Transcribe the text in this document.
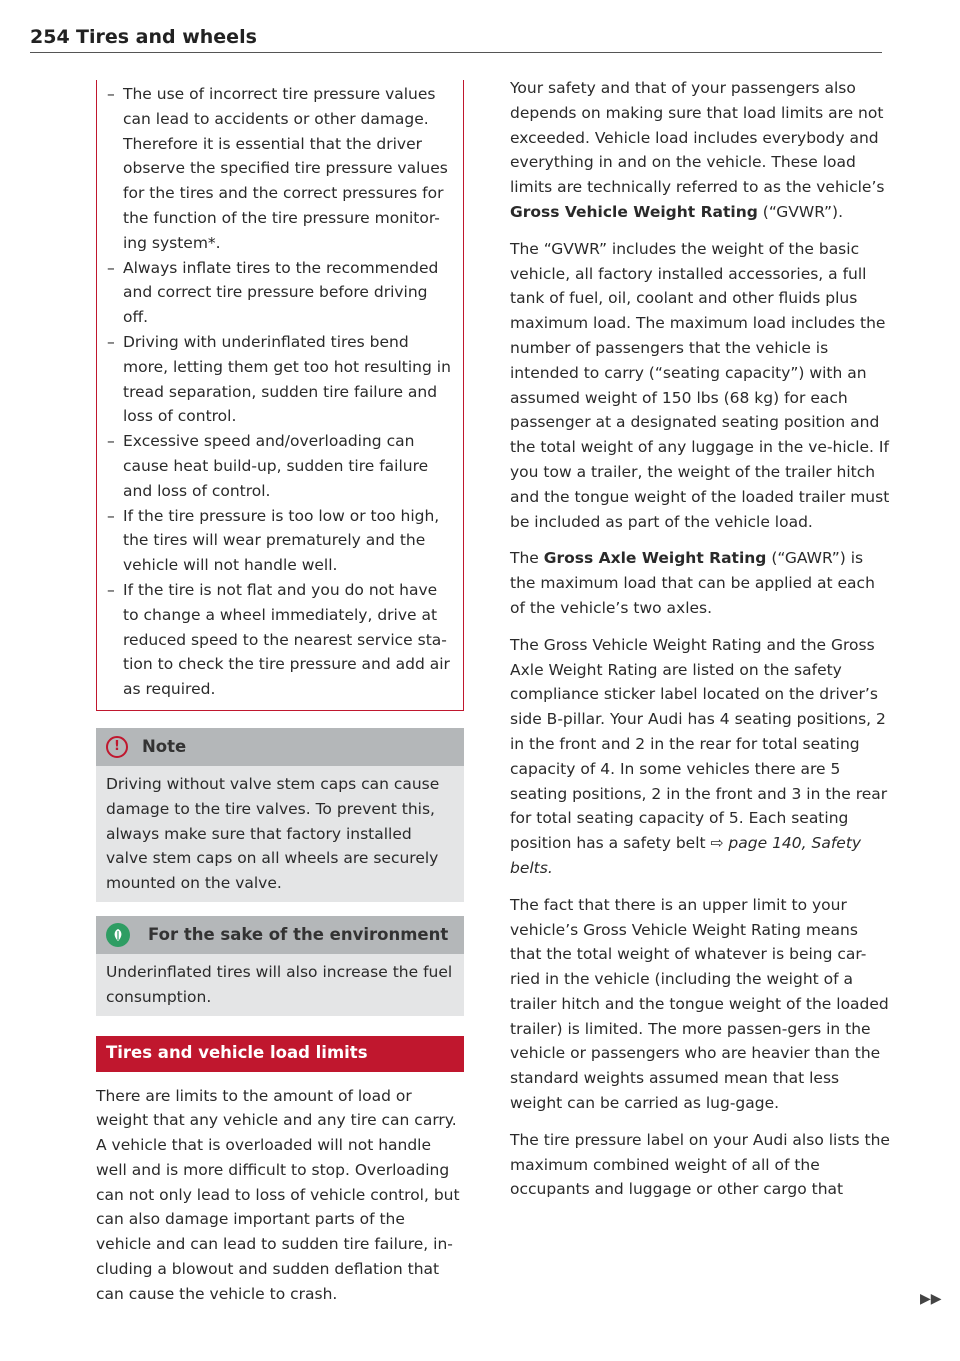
254 Tires and wheels
– The use of incorrect tire pressure values can lead to accidents or other damage. Therefore it is essential that the driver observe the specified tire pressure values for the tires and the correct pressures for the function of the tire pressure monitor-ing system*.
– Always inflate tires to the recommended and correct tire pressure before driving off.
– Driving with underinflated tires bend more, letting them get too hot resulting in tread separation, sudden tire failure and loss of control.
– Excessive speed and/overloading can cause heat build-up, sudden tire failure and loss of control.
– If the tire pressure is too low or too high, the tires will wear prematurely and the vehicle will not handle well.
– If the tire is not flat and you do not have to change a wheel immediately, drive at reduced speed to the nearest service sta-tion to check the tire pressure and add air as required.
!	Note
Driving without valve stem caps can cause damage to the tire valves. To prevent this, always make sure that factory installed valve stem caps on all wheels are securely mounted on the valve.
For the sake of the environment
Underinflated tires will also increase the fuel consumption.
Tires and vehicle load limits

There are limits to the amount of load or weight that any vehicle and any tire can carry. A vehicle that is overloaded will not handle well and is more difficult to stop. Overloading can not only lead to loss of vehicle control, but can also damage important parts of the vehicle and can lead to sudden tire failure, in-cluding a blowout and sudden deflation that can cause the vehicle to crash.

Your safety and that of your passengers also depends on making sure that load limits are not exceeded. Vehicle load includes everybody and everything in and on the vehicle. These load limits are technically referred to as the vehicle’s Gross Vehicle Weight Rating (“GVWR”).

The “GVWR” includes the weight of the basic vehicle, all factory installed accessories, a full tank of fuel, oil, coolant and other fluids plus maximum load. The maximum load includes the number of passengers that the vehicle is intended to carry (“seating capacity”) with an assumed weight of 150 lbs (68 kg) for each passenger at a designated seating position and the total weight of any luggage in the ve-hicle. If you tow a trailer, the weight of the trailer hitch and the tongue weight of the loaded trailer must be included as part of the vehicle load.

The Gross Axle Weight Rating (“GAWR”) is the maximum load that can be applied at each of the vehicle’s two axles.

The Gross Vehicle Weight Rating and the Gross Axle Weight Rating are listed on the safety compliance sticker label located on the driver’s side B-pillar. Your Audi has 4 seating positions, 2 in the front and 2 in the rear for total seating capacity of 4. In some vehicles there are 5 seating positions, 2 in the front and 3 in the rear for total seating capacity of 5. Each seating position has a safety belt ⇨ page 140, Safety belts.

The fact that there is an upper limit to your vehicle’s Gross Vehicle Weight Rating means that the total weight of whatever is being car-ried in the vehicle (including the weight of a trailer hitch and the tongue weight of the loaded trailer) is limited. The more passen-gers in the vehicle or passengers who are heavier than the standard weights assumed mean that less weight can be carried as lug-gage.

The tire pressure label on your Audi also lists the maximum combined weight of all of the occupants and luggage or other cargo that

▶▶
